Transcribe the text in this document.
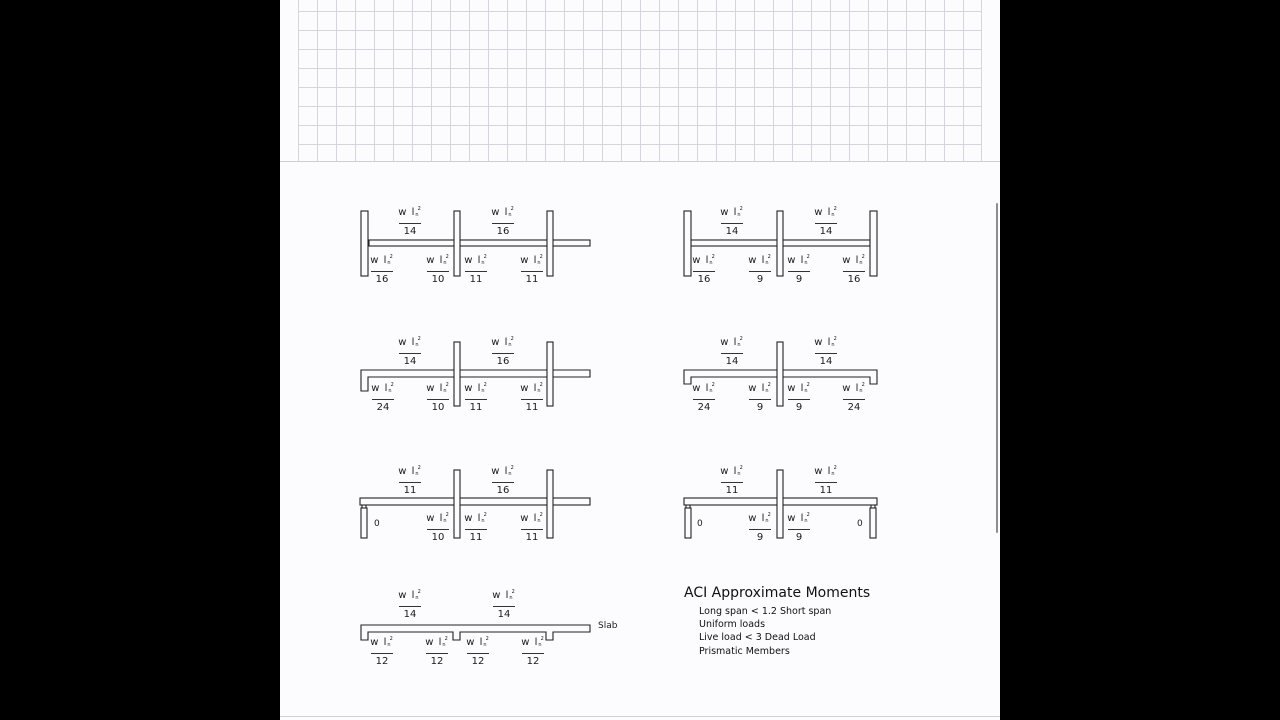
w $l_n^2$
14
w $l_n^2$
16
w $l_n^2$
16
w $l_n^2$
10
w $l_n^2$
11
w $l_n^2$
11
w $l_n^2$
14
w $l_n^2$
14
w $l_n^2$
16
w $l_n^2$
9
w $l_n^2$
9
w $l_n^2$
16
w $l_n^2$
14
w $l_n^2$
16
w $l_n^2$
24
w $l_n^2$
10
w $l_n^2$
11
w $l_n^2$
11
w $l_n^2$
14
w $l_n^2$
14
w $l_n^2$
24
w $l_n^2$
9
w $l_n^2$
9
w $l_n^2$
24
w $l_n^2$
11
w $l_n^2$
16
0	w $l_n^2$
10
w $l_n^2$
11
w $l_n^2$
11
w $l_n^2$
11
w $l_n^2$
11
0	w $l_n^2$
9
w $l_n^2$
9
0
w $l_n^2$
14
w $l_n^2$
14
Slab
w $l_n^2$
12
w $l_n^2$
12
w $l_n^2$
12
w $l_n^2$
12
ACI Approximate Moments
Long span < 1.2 Short span
Uniform loads
Live load < 3 Dead Load
Prismatic Members
